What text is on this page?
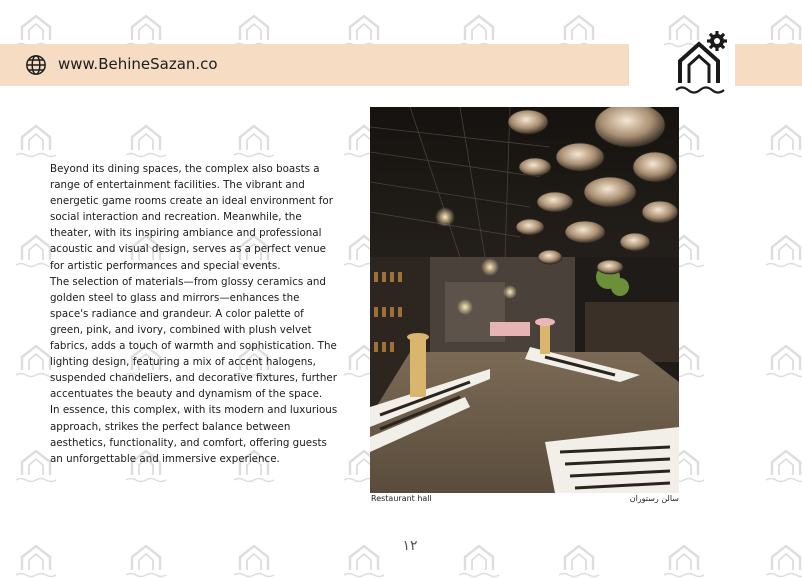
www.BehineSazan.co

Beyond its dining spaces, the complex also boasts a range of entertainment facilities. The vibrant and energetic game rooms create an ideal environment for social interaction and recreation. Meanwhile, the theater, with its inspiring ambiance and professional acoustic and visual design, serves as a perfect venue for artistic performances and special events.

The selection of materials—from glossy ceramics and golden steel to glass and mirrors—enhances the space's radiance and grandeur. A color palette of green, pink, and ivory, combined with plush velvet fabrics, adds a touch of warmth and sophistication. The lighting design, featuring a mix of accent halogens, suspended chandeliers, and decorative fixtures, further accentuates the beauty and dynamism of the space.

In essence, this complex, with its modern and luxurious approach, strikes the perfect balance between aesthetics, functionality, and comfort, offering guests an unforgettable and immersive experience.

Restaurant hall	سالن رستوران
۱۲
